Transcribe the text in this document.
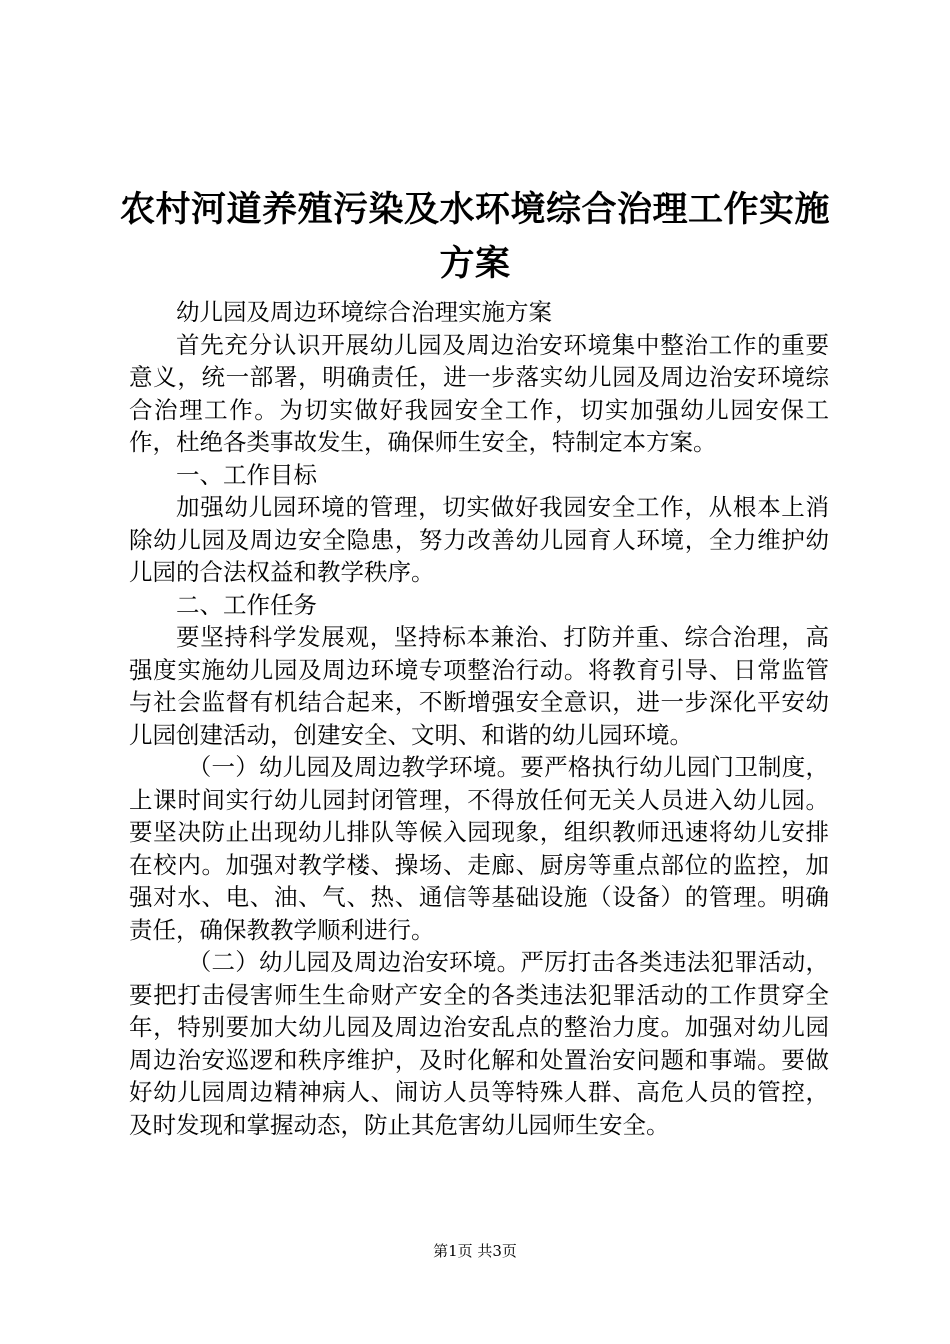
农村河道养殖污染及水环境综合治理工作实施
方案

幼儿园及周边环境综合治理实施方案

首先充分认识开展幼儿园及周边治安环境集中整治工作的重要意义，统一部署，明确责任，进一步落实幼儿园及周边治安环境综合治理工作。为切实做好我园安全工作，切实加强幼儿园安保工作，杜绝各类事故发生，确保师生安全，特制定本方案。

一、工作目标

加强幼儿园环境的管理，切实做好我园安全工作，从根本上消除幼儿园及周边安全隐患，努力改善幼儿园育人环境，全力维护幼儿园的合法权益和教学秩序。

二、工作任务

要坚持科学发展观，坚持标本兼治、打防并重、综合治理，高强度实施幼儿园及周边环境专项整治行动。将教育引导、日常监管与社会监督有机结合起来，不断增强安全意识，进一步深化平安幼儿园创建活动，创建安全、文明、和谐的幼儿园环境。

（一）幼儿园及周边教学环境。要严格执行幼儿园门卫制度，上课时间实行幼儿园封闭管理，不得放任何无关人员进入幼儿园。要坚决防止出现幼儿排队等候入园现象，组织教师迅速将幼儿安排在校内。加强对教学楼、操场、走廊、厨房等重点部位的监控，加强对水、电、油、气、热、通信等基础设施（设备）的管理。明确责任，确保教教学顺利进行。

（二）幼儿园及周边治安环境。严厉打击各类违法犯罪活动，要把打击侵害师生生命财产安全的各类违法犯罪活动的工作贯穿全年，特别要加大幼儿园及周边治安乱点的整治力度。加强对幼儿园周边治安巡逻和秩序维护，及时化解和处置治安问题和事端。要做好幼儿园周边精神病人、闹访人员等特殊人群、高危人员的管控，及时发现和掌握动态，防止其危害幼儿园师生安全。

第1页 共3页
